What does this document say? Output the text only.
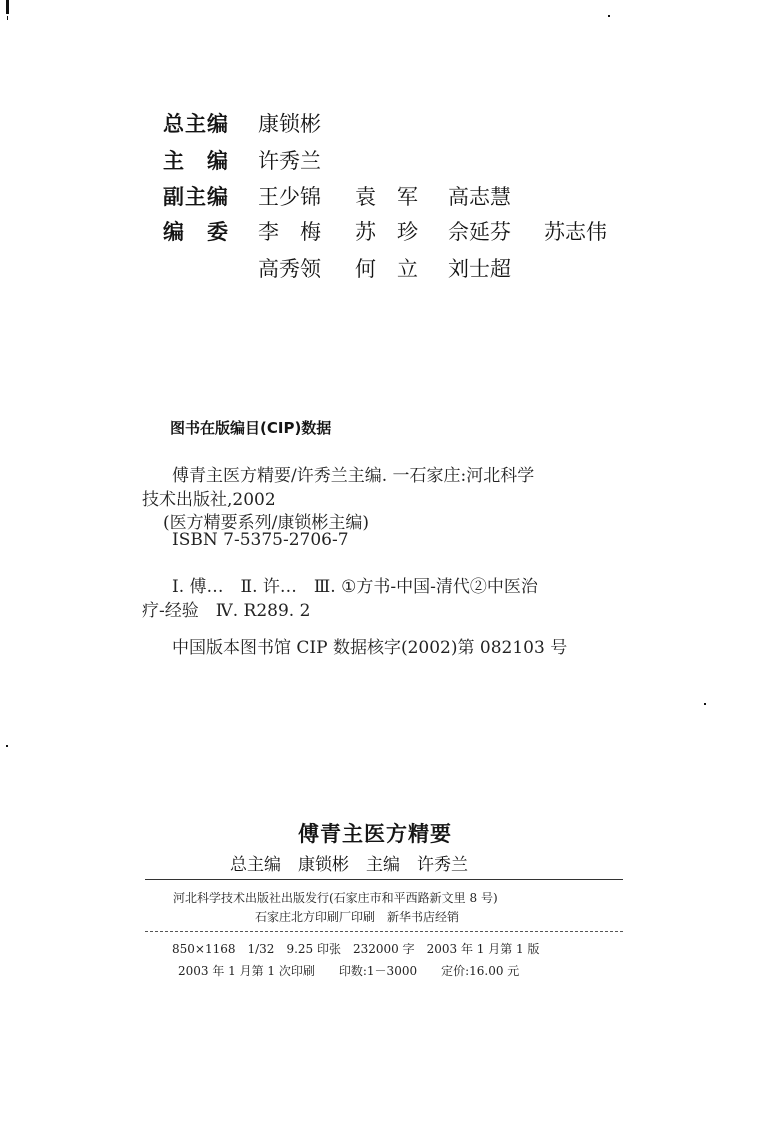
总主编 康锁彬
主　编 许秀兰
副主编 王少锦 袁　军 高志慧
编　委 李　梅 苏　珍 佘延芬 苏志伟
高秀领 何　立 刘士超
图书在版编目(CIP)数据
傅青主医方精要/许秀兰主编. 一石家庄:河北科学
技术出版社,2002
(医方精要系列/康锁彬主编)
ISBN 7-5375-2706-7
Ⅰ. 傅…　Ⅱ. 许…　Ⅲ. ①方书-中国-清代②中医治
疗-经验　Ⅳ. R289. 2
中国版本图书馆 CIP 数据核字(2002)第 082103 号
傅青主医方精要
总主编　康锁彬　主编　许秀兰
河北科学技术出版社出版发行(石家庄市和平西路新文里 8 号)
石家庄北方印刷厂印刷　新华书店经销
850×1168　1/32　9.25 印张　232000 字　2003 年 1 月第 1 版
2003 年 1 月第 1 次印刷　　印数:1－3000　　定价:16.00 元
